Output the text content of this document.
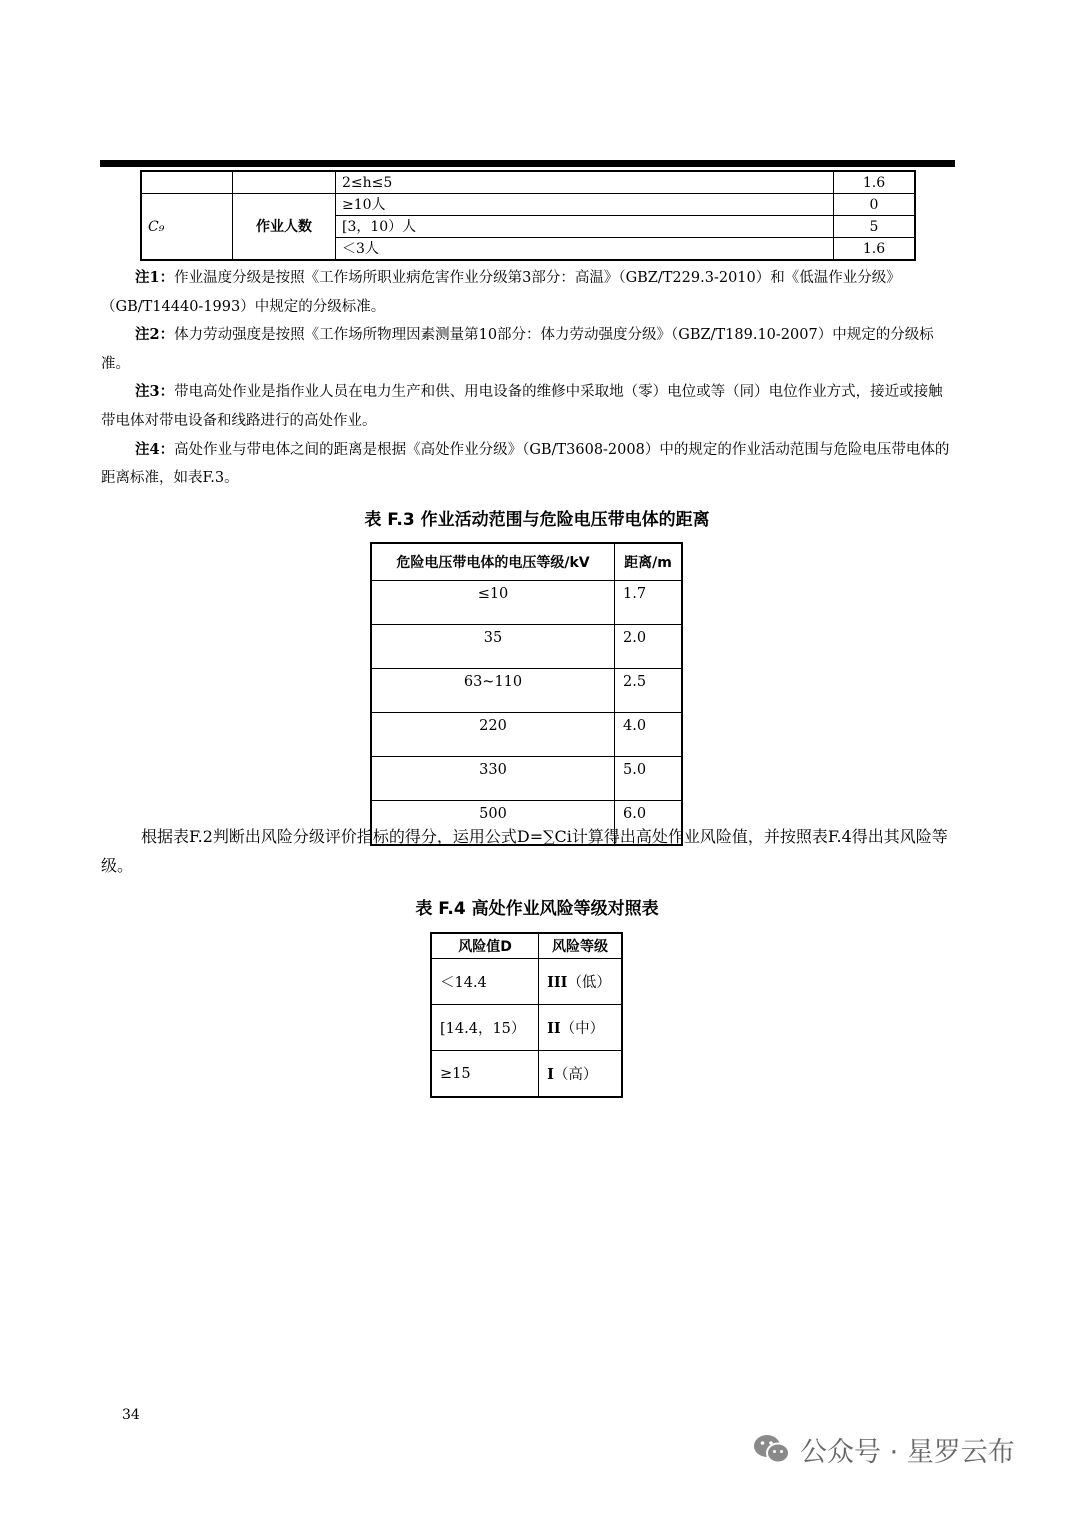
		2≤h≤5	1.6
C₉	作业人数	≥10人	0
		[3，10）人	5
		＜3人	1.6

注1：作业温度分级是按照《工作场所职业病危害作业分级第3部分：高温》（GBZ/T229.3-2010）和《低温作业分级》（GB/T14440-1993）中规定的分级标准。

注2：体力劳动强度是按照《工作场所物理因素测量第10部分：体力劳动强度分级》（GBZ/T189.10-2007）中规定的分级标准。

注3：带电高处作业是指作业人员在电力生产和供、用电设备的维修中采取地（零）电位或等（同）电位作业方式，接近或接触带电体对带电设备和线路进行的高处作业。

注4：高处作业与带电体之间的距离是根据《高处作业分级》（GB/T3608-2008）中的规定的作业活动范围与危险电压带电体的距离标准，如表F.3。

表 F.3 作业活动范围与危险电压带电体的距离
危险电压带电体的电压等级/kV	距离/m
≤10	1.7
35	2.0
63~110	2.5
220	4.0
330	5.0
500	6.0

根据表F.2判断出风险分级评价指标的得分，运用公式D=∑Ci计算得出高处作业风险值，并按照表F.4得出其风险等级。

表 F.4 高处作业风险等级对照表
风险值D	风险等级
＜14.4	III（低）
[14.4，15）	II（中）
≥15	I（高）
34
公众号 · 星罗云布
